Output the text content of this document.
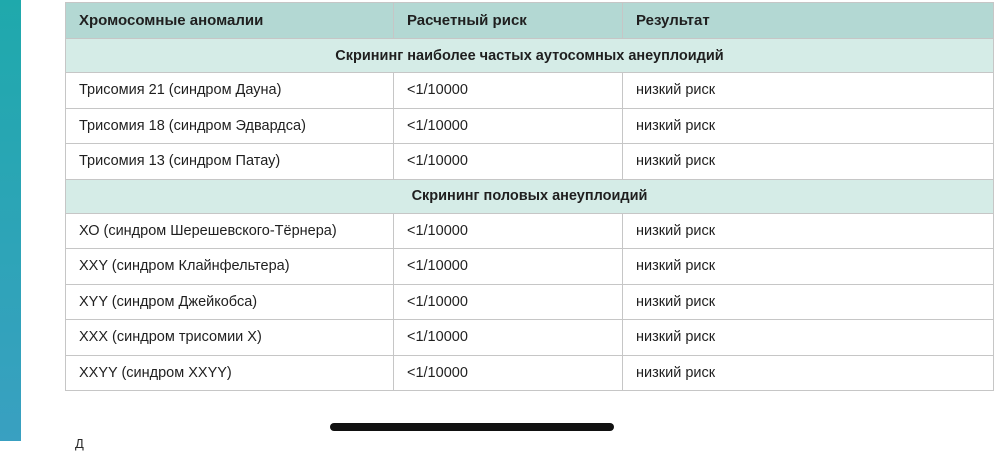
Хромосомные аномалии	Расчетный риск	Результат
Скрининг наиболее частых аутосомных анеуплоидий		
Трисомия 21 (синдром Дауна)	<1/10000	низкий риск
Трисомия 18 (синдром Эдвардса)	<1/10000	низкий риск
Трисомия 13 (синдром Патау)	<1/10000	низкий риск
Скрининг половых анеуплоидий		
ХО (синдром Шерешевского-Тёрнера)	<1/10000	низкий риск
XXY (синдром Клайнфельтера)	<1/10000	низкий риск
XYY (синдром Джейкобса)	<1/10000	низкий риск
XXX (синдром трисомии X)	<1/10000	низкий риск
XXYY (синдром XXYY)	<1/10000	низкий риск
Д
